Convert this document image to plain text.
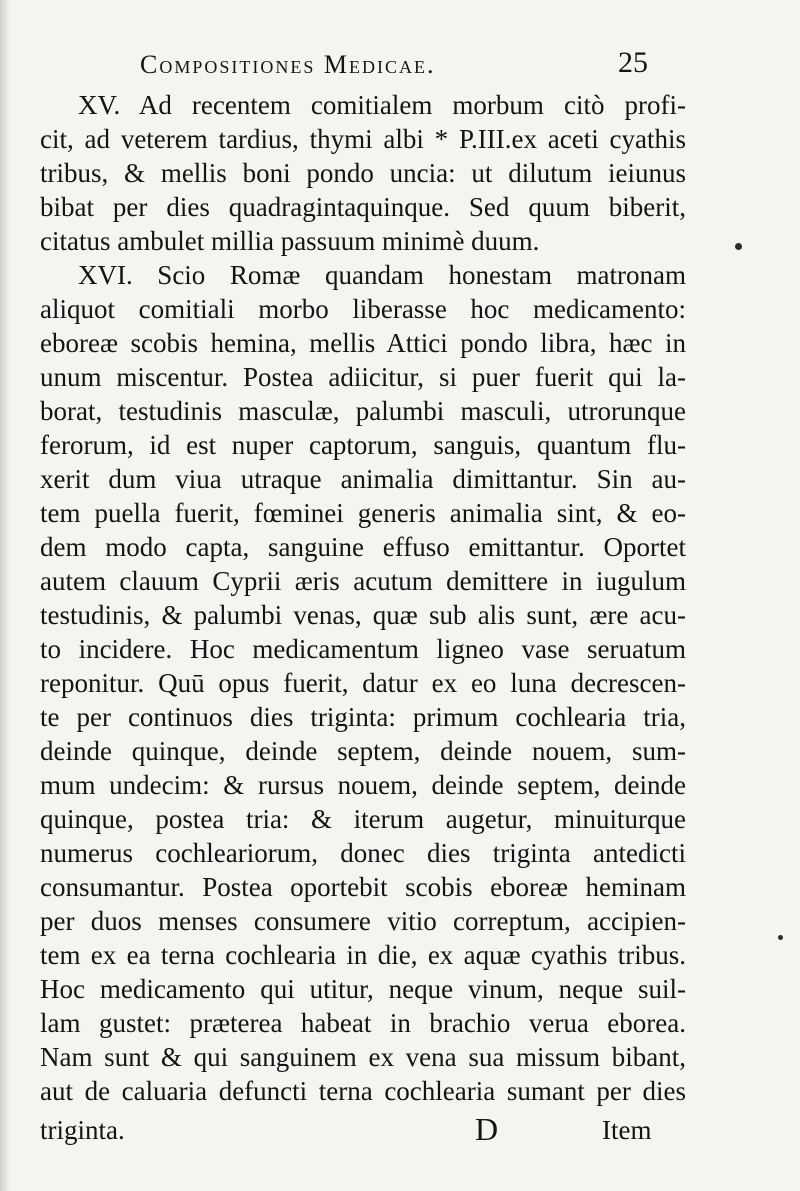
Compositiones Medicae.	25
XV. Ad recentem comitialem morbum citò profi-
cit, ad veterem tardius, thymi albi * P.III.ex aceti cyathis
tribus, & mellis boni pondo uncia: ut dilutum ieiunus
bibat per dies quadragintaquinque. Sed quum biberit,
citatus ambulet millia passuum minimè duum.
XVI. Scio Romæ quandam honestam matronam
aliquot comitiali morbo liberasse hoc medicamento:
eboreæ scobis hemina, mellis Attici pondo libra, hæc in
unum miscentur. Postea adiicitur, si puer fuerit qui la-
borat, testudinis masculæ, palumbi masculi, utrorunque
ferorum, id est nuper captorum, sanguis, quantum flu-
xerit dum viua utraque animalia dimittantur. Sin au-
tem puella fuerit, fœminei generis animalia sint, & eo-
dem modo capta, sanguine effuso emittantur. Oportet
autem clauum Cyprii æris acutum demittere in iugulum
testudinis, & palumbi venas, quæ sub alis sunt, ære acu-
to incidere. Hoc medicamentum ligneo vase seruatum
reponitur. Quū opus fuerit, datur ex eo luna decrescen-
te per continuos dies triginta: primum cochlearia tria,
deinde quinque, deinde septem, deinde nouem, sum-
mum undecim: & rursus nouem, deinde septem, deinde
quinque, postea tria: & iterum augetur, minuiturque
numerus cochleariorum, donec dies triginta antedicti
consumantur. Postea oportebit scobis eboreæ heminam
per duos menses consumere vitio correptum, accipien-
tem ex ea terna cochlearia in die, ex aquæ cyathis tribus.
Hoc medicamento qui utitur, neque vinum, neque suil-
lam gustet: præterea habeat in brachio verua eborea.
Nam sunt & qui sanguinem ex vena sua missum bibant,
aut de caluaria defuncti terna cochlearia sumant per dies
triginta.	D	Item
